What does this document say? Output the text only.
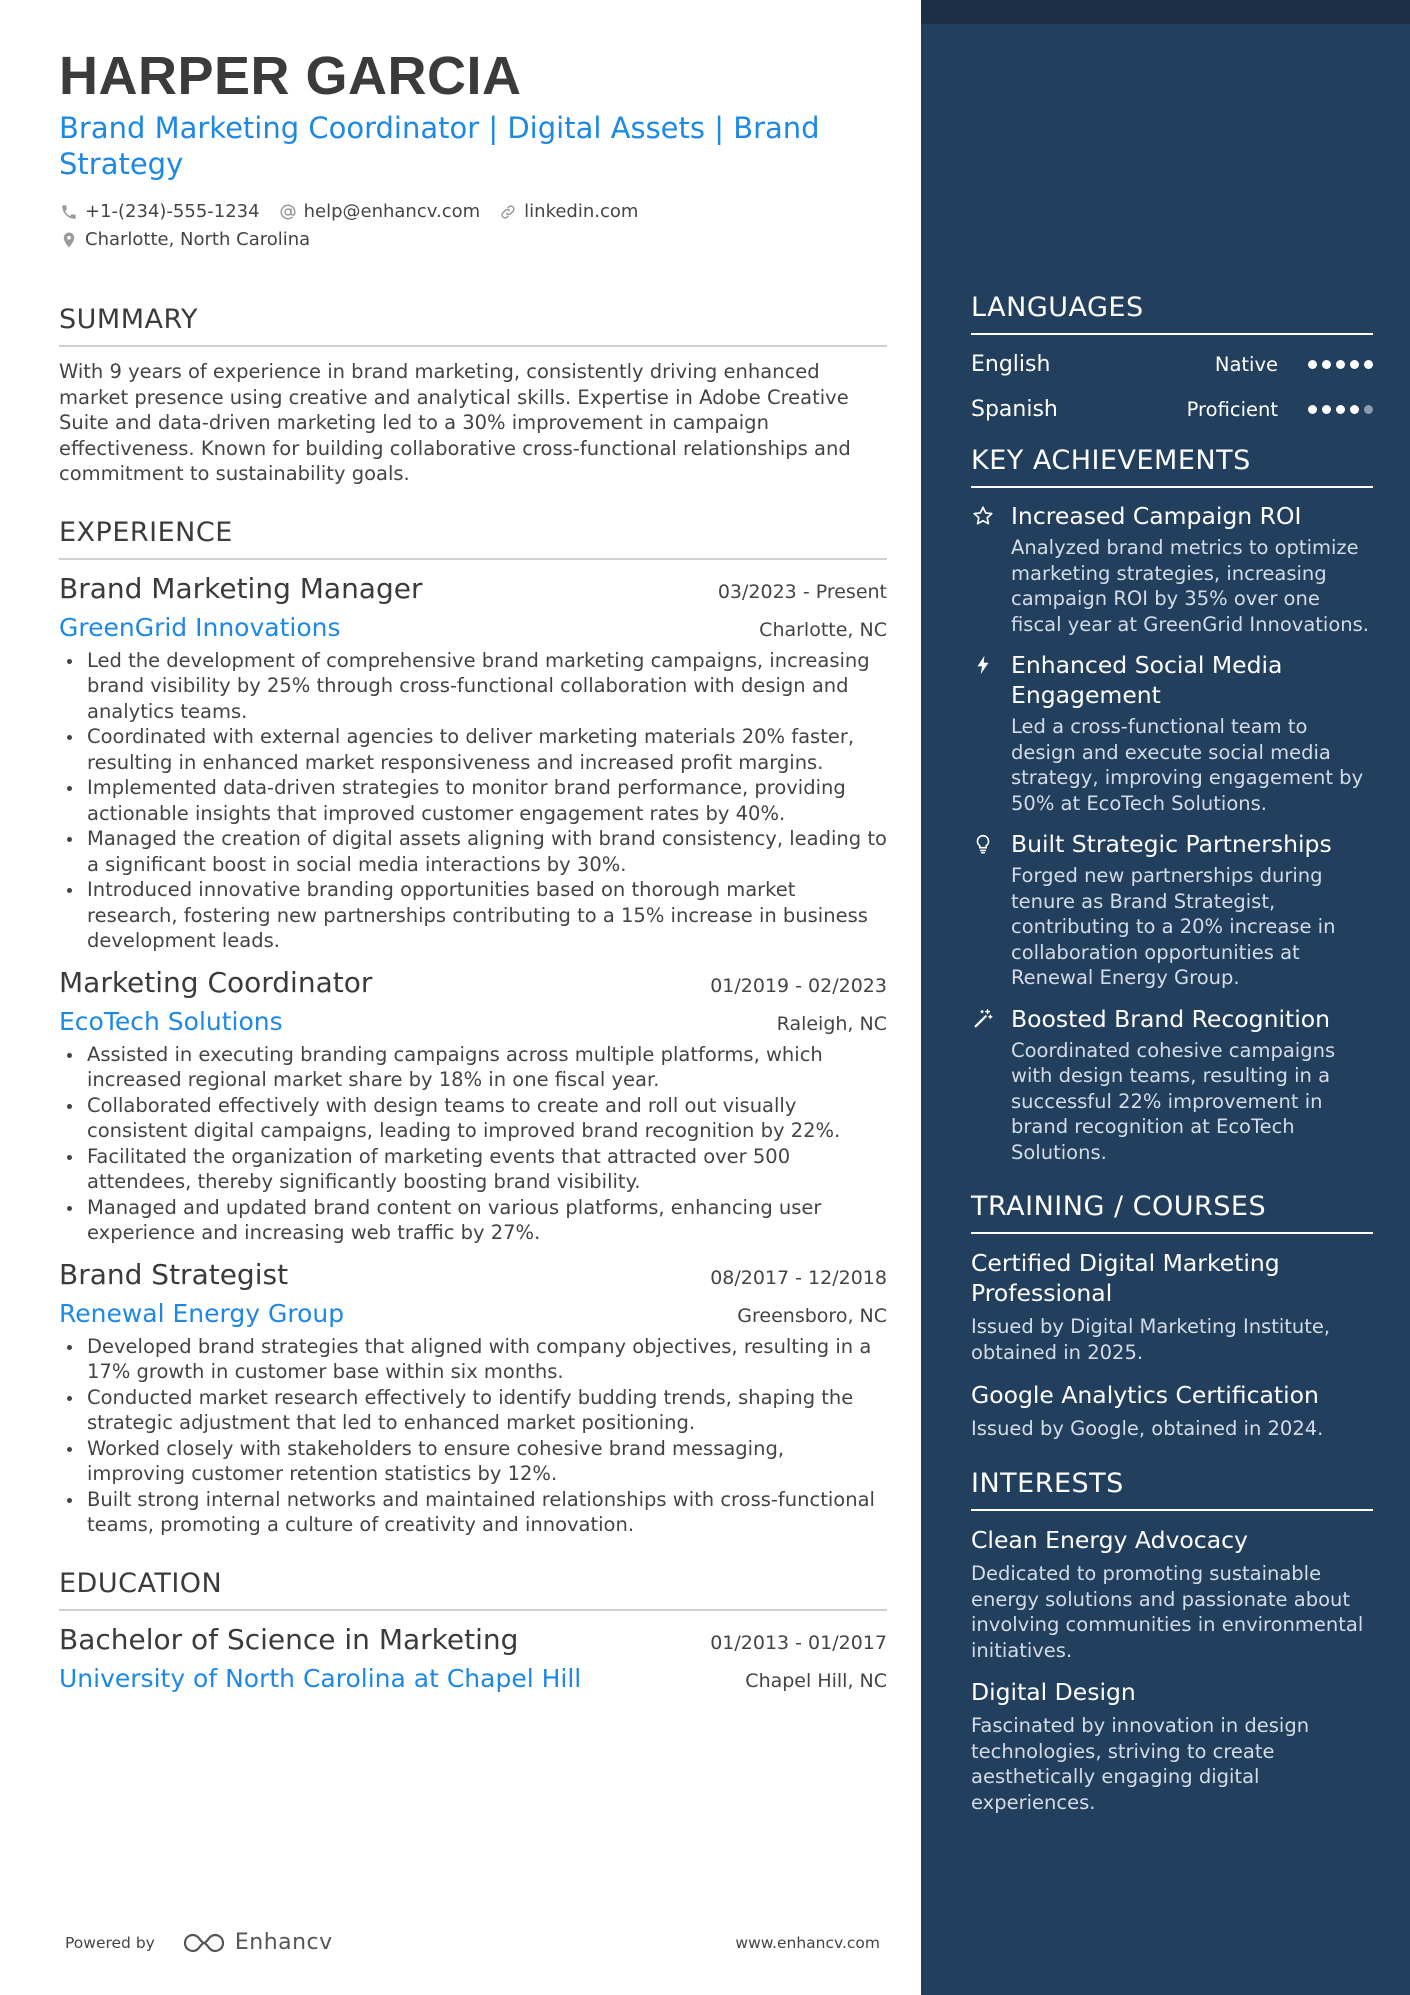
HARPER GARCIA
Brand Marketing Coordinator | Digital Assets | Brand Strategy
+1-(234)-555-1234 help@enhancv.com linkedin.com
Charlotte, North Carolina
SUMMARY
With 9 years of experience in brand marketing, consistently driving enhanced market presence using creative and analytical skills. Expertise in Adobe Creative Suite and data-driven marketing led to a 30% improvement in campaign effectiveness. Known for building collaborative cross-functional relationships and commitment to sustainability goals.
EXPERIENCE
Brand Marketing Manager	03/2023 - Present
GreenGrid Innovations	Charlotte, NC
Led the development of comprehensive brand marketing campaigns, increasing brand visibility by 25% through cross-functional collaboration with design and analytics teams.
Coordinated with external agencies to deliver marketing materials 20% faster, resulting in enhanced market responsiveness and increased profit margins.
Implemented data-driven strategies to monitor brand performance, providing actionable insights that improved customer engagement rates by 40%.
Managed the creation of digital assets aligning with brand consistency, leading to a significant boost in social media interactions by 30%.
Introduced innovative branding opportunities based on thorough market research, fostering new partnerships contributing to a 15% increase in business development leads.
Marketing Coordinator	01/2019 - 02/2023
EcoTech Solutions	Raleigh, NC
Assisted in executing branding campaigns across multiple platforms, which increased regional market share by 18% in one fiscal year.
Collaborated effectively with design teams to create and roll out visually consistent digital campaigns, leading to improved brand recognition by 22%.
Facilitated the organization of marketing events that attracted over 500 attendees, thereby significantly boosting brand visibility.
Managed and updated brand content on various platforms, enhancing user experience and increasing web traffic by 27%.
Brand Strategist	08/2017 - 12/2018
Renewal Energy Group	Greensboro, NC
Developed brand strategies that aligned with company objectives, resulting in a 17% growth in customer base within six months.
Conducted market research effectively to identify budding trends, shaping the strategic adjustment that led to enhanced market positioning.
Worked closely with stakeholders to ensure cohesive brand messaging, improving customer retention statistics by 12%.
Built strong internal networks and maintained relationships with cross-functional teams, promoting a culture of creativity and innovation.
EDUCATION
Bachelor of Science in Marketing	01/2013 - 01/2017
University of North Carolina at Chapel Hill	Chapel Hill, NC
Powered by	Enhancv	www.enhancv.com
LANGUAGES
English	Native
Spanish	Proficient
KEY ACHIEVEMENTS
Increased Campaign ROI
Analyzed brand metrics to optimize marketing strategies, increasing campaign ROI by 35% over one fiscal year at GreenGrid Innovations.
Enhanced Social Media Engagement
Led a cross-functional team to design and execute social media strategy, improving engagement by 50% at EcoTech Solutions.
Built Strategic Partnerships
Forged new partnerships during tenure as Brand Strategist, contributing to a 20% increase in collaboration opportunities at Renewal Energy Group.
Boosted Brand Recognition
Coordinated cohesive campaigns with design teams, resulting in a successful 22% improvement in brand recognition at EcoTech Solutions.
TRAINING / COURSES
Certified Digital Marketing Professional
Issued by Digital Marketing Institute, obtained in 2025.
Google Analytics Certification
Issued by Google, obtained in 2024.
INTERESTS
Clean Energy Advocacy
Dedicated to promoting sustainable energy solutions and passionate about involving communities in environmental initiatives.
Digital Design
Fascinated by innovation in design technologies, striving to create aesthetically engaging digital experiences.
